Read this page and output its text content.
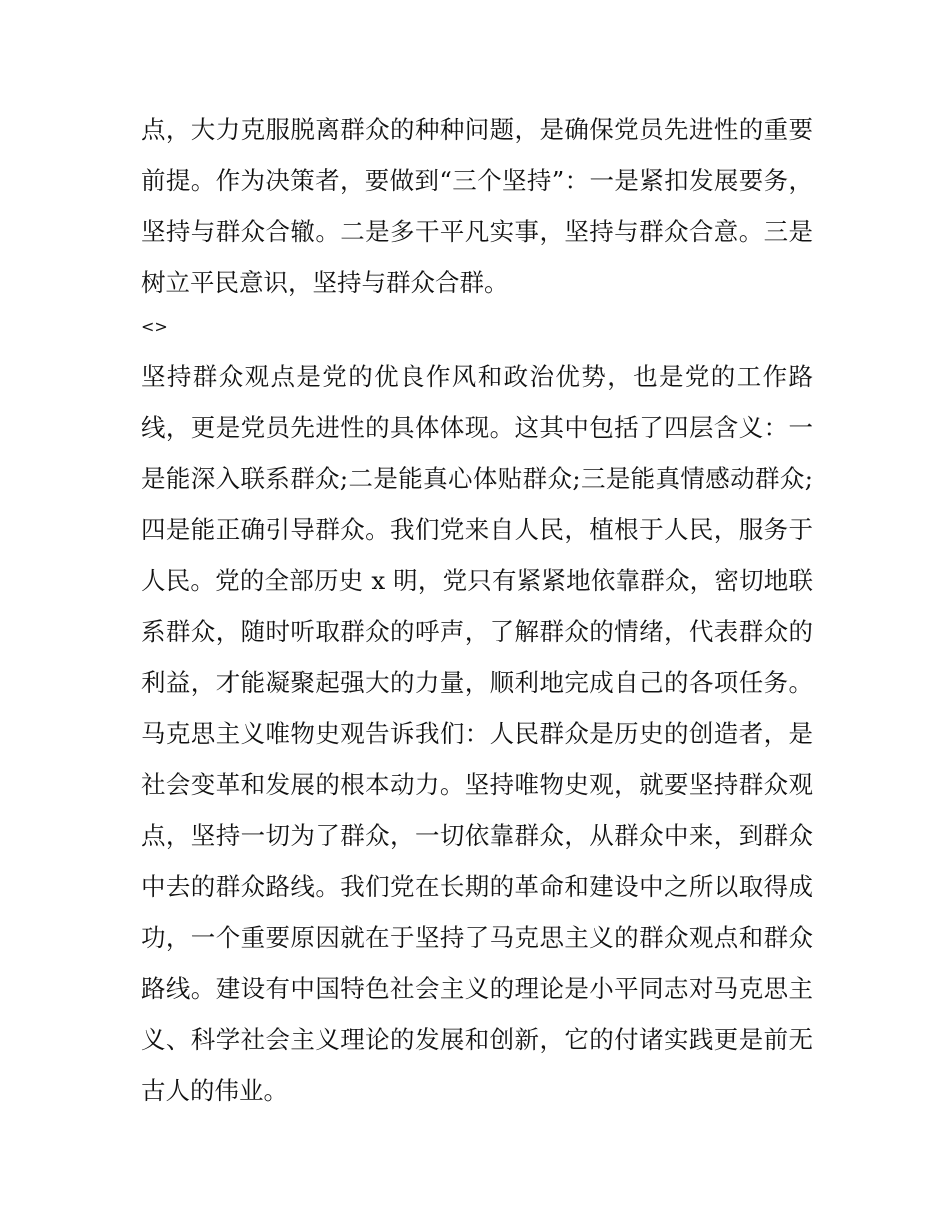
点，大力克服脱离群众的种种问题，是确保党员先进性的重要
前提。作为决策者，要做到“三个坚持”：一是紧扣发展要务，
坚持与群众合辙。二是多干平凡实事，坚持与群众合意。三是
树立平民意识，坚持与群众合群。
<>
坚持群众观点是党的优良作风和政治优势，也是党的工作路
线，更是党员先进性的具体体现。这其中包括了四层含义：一
是能深入联系群众;二是能真心体贴群众;三是能真情感动群众;
四是能正确引导群众。我们党来自人民，植根于人民，服务于
人民。党的全部历史 x 明，党只有紧紧地依靠群众，密切地联
系群众，随时听取群众的呼声，了解群众的情绪，代表群众的
利益，才能凝聚起强大的力量，顺利地完成自己的各项任务。
马克思主义唯物史观告诉我们：人民群众是历史的创造者，是
社会变革和发展的根本动力。坚持唯物史观，就要坚持群众观
点，坚持一切为了群众，一切依靠群众，从群众中来，到群众
中去的群众路线。我们党在长期的革命和建设中之所以取得成
功，一个重要原因就在于坚持了马克思主义的群众观点和群众
路线。建设有中国特色社会主义的理论是小平同志对马克思主
义、科学社会主义理论的发展和创新，它的付诸实践更是前无
古人的伟业。
